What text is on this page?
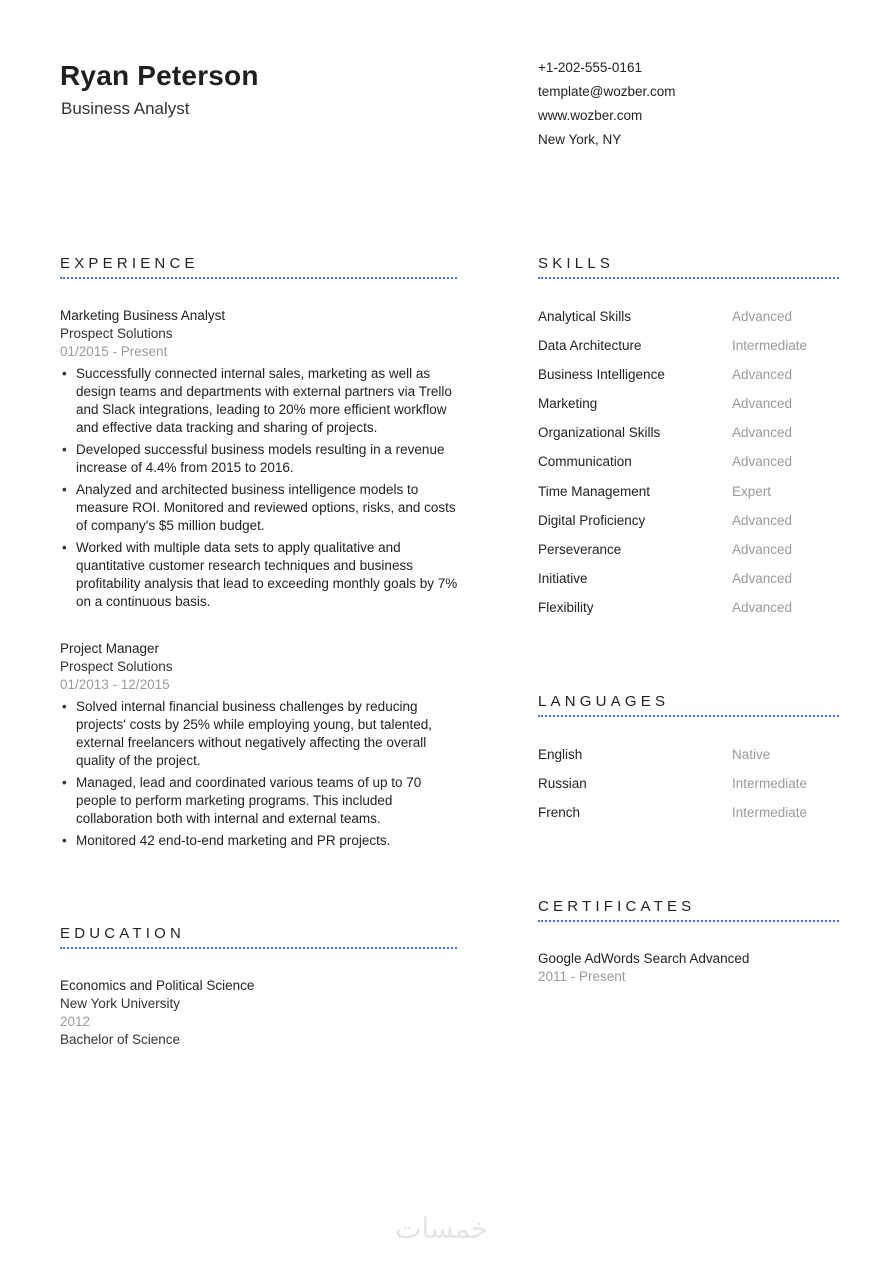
Ryan Peterson
Business Analyst
+1-202-555-0161
template@wozber.com
www.wozber.com
New York, NY
EXPERIENCE
Marketing Business Analyst
Prospect Solutions
01/2015 - Present
• Successfully connected internal sales, marketing as well as design teams and departments with external partners via Trello and Slack integrations, leading to 20% more efficient workflow and effective data tracking and sharing of projects.
• Developed successful business models resulting in a revenue increase of 4.4% from 2015 to 2016.
• Analyzed and architected business intelligence models to measure ROI. Monitored and reviewed options, risks, and costs of company's $5 million budget.
• Worked with multiple data sets to apply qualitative and quantitative customer research techniques and business profitability analysis that lead to exceeding monthly goals by 7% on a continuous basis.
Project Manager
Prospect Solutions
01/2013 - 12/2015
• Solved internal financial business challenges by reducing projects' costs by 25% while employing young, but talented, external freelancers without negatively affecting the overall quality of the project.
• Managed, lead and coordinated various teams of up to 70 people to perform marketing programs. This included collaboration both with internal and external teams.
• Monitored 42 end-to-end marketing and PR projects.
EDUCATION
Economics and Political Science
New York University
2012
Bachelor of Science
SKILLS
Analytical Skills	Advanced
Data Architecture	Intermediate
Business Intelligence	Advanced
Marketing	Advanced
Organizational Skills	Advanced
Communication	Advanced
Time Management	Expert
Digital Proficiency	Advanced
Perseverance	Advanced
Initiative	Advanced
Flexibility	Advanced
LANGUAGES
English	Native
Russian	Intermediate
French	Intermediate
CERTIFICATES
Google AdWords Search Advanced
2011 - Present
خمسات
